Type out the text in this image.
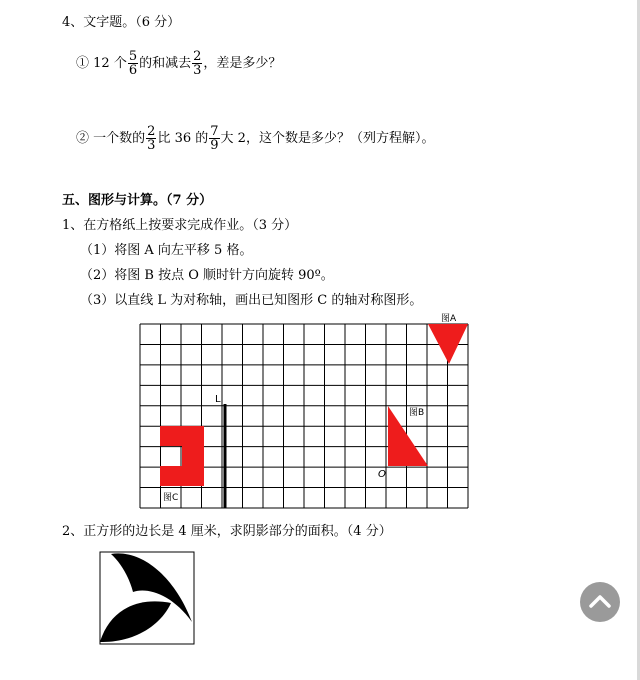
4、文字题。（6 分）
① 12 个 $\frac{5}{6}$ 的和减去 $\frac{2}{3}$ ，差是多少？
② 一个数的 $\frac{2}{3}$ 比 36 的 $\frac{7}{9}$ 大 2，这个数是多少？（列方程解）。
五、图形与计算。（7 分）
1、在方格纸上按要求完成作业。（3 分）
（1）将图 A 向左平移 5 格。
（2）将图 B 按点 O 顺时针方向旋转 90º。
（3）以直线 L 为对称轴，画出已知图形 C 的轴对称图形。
L
O
图A
图B
图C
2、正方形的边长是 4 厘米，求阴影部分的面积。（4 分）
